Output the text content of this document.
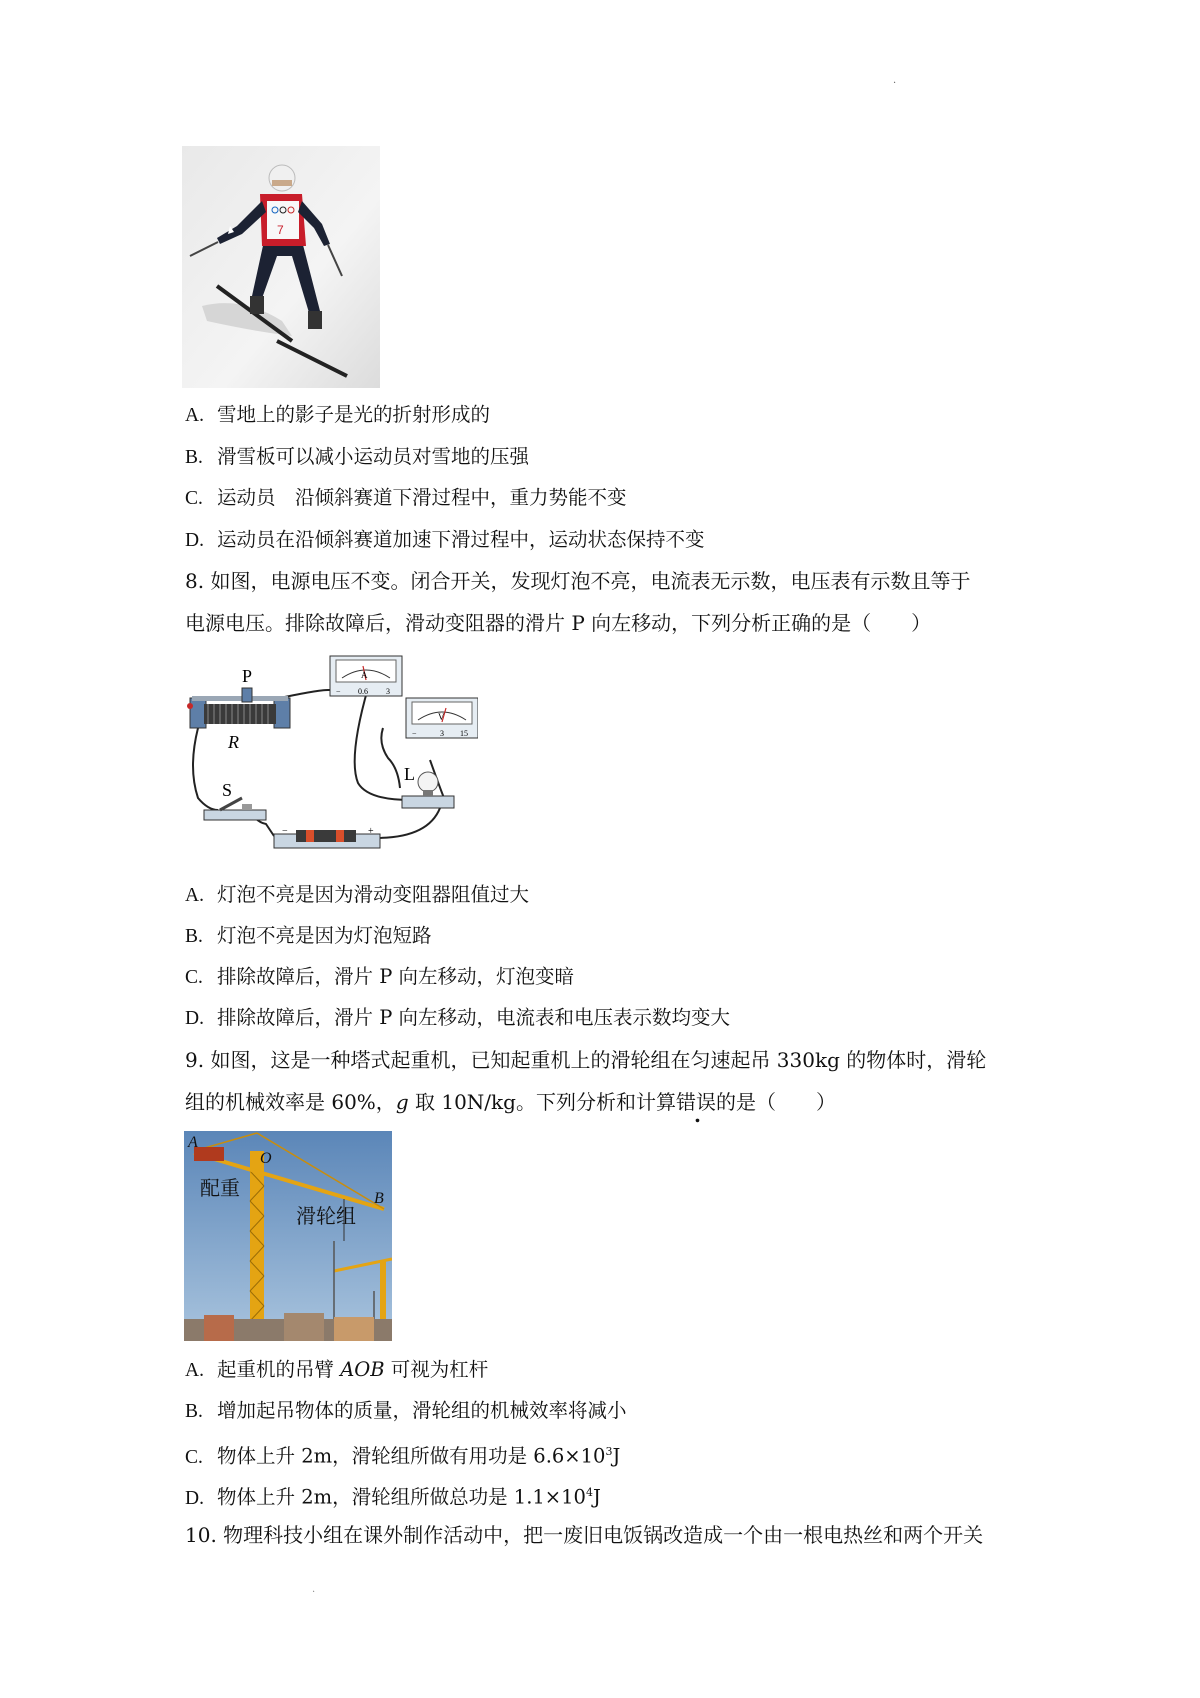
·
7
A. 雪地上的影子是光的折射形成的
B. 滑雪板可以减小运动员对雪地的压强
C. 运动员　沿倾斜赛道下滑过程中，重力势能不变
D. 运动员在沿倾斜赛道加速下滑过程中，运动状态保持不变
8. 如图，电源电压不变。闭合开关，发现灯泡不亮，电流表无示数，电压表有示数且等于
电源电压。排除故障后，滑动变阻器的滑片 P 向左移动，下列分析正确的是（　　）
P
R
A
− 0.6 3
V
−	3 15
L
S
−	+
A. 灯泡不亮是因为滑动变阻器阻值过大
B. 灯泡不亮是因为灯泡短路
C. 排除故障后，滑片 P 向左移动，灯泡变暗
D. 排除故障后，滑片 P 向左移动，电流表和电压表示数均变大
9. 如图，这是一种塔式起重机，已知起重机上的滑轮组在匀速起吊 330kg 的物体时，滑轮
组的机械效率是 60%，g 取 10N/kg。下列分析和计算错误的是（　　）
A
O
B
配重
滑轮组
A. 起重机的吊臂 AOB 可视为杠杆
B. 增加起吊物体的质量，滑轮组的机械效率将减小
C. 物体上升 2m，滑轮组所做有用功是 $6.6\times 10^3J$
D. 物体上升 2m，滑轮组所做总功是 $1.1\times 10^4J$
10. 物理科技小组在课外制作活动中，把一废旧电饭锅改造成一个由一根电热丝和两个开关
.
